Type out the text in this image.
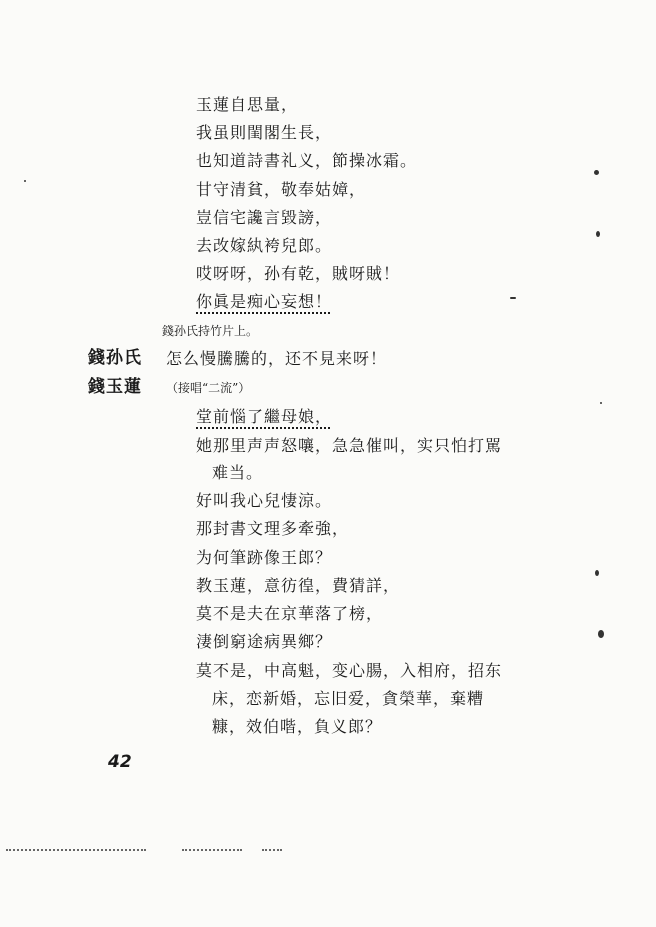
玉蓮自思量，
我虽則閨閣生長，
也知道詩書礼义，節操冰霜。
甘守清貧，敬奉姑嫜，
豈信宅讒言毀謗，
去改嫁紈袴兒郎。
哎呀呀，孙有乾，賊呀賊！
你眞是痴心妄想！
錢孙氏持竹片上。
錢孙氏 怎么慢騰騰的，还不見来呀！
錢玉蓮 （接唱“二流”）
堂前惱了繼母娘，
她那里声声怒嚷，急急催叫，实只怕打駡
难当。
好叫我心兒悽涼。
那封書文理多牽強，
为何筆跡像王郎？
教玉蓮，意彷徨，費猜詳，
莫不是夫在京華落了榜，
淒倒窮途病異鄉？
莫不是，中高魁，变心腸，入相府，招东
床，恋新婚，忘旧爱，貪榮華，棄糟
糠，效伯喈，負义郎？
42
